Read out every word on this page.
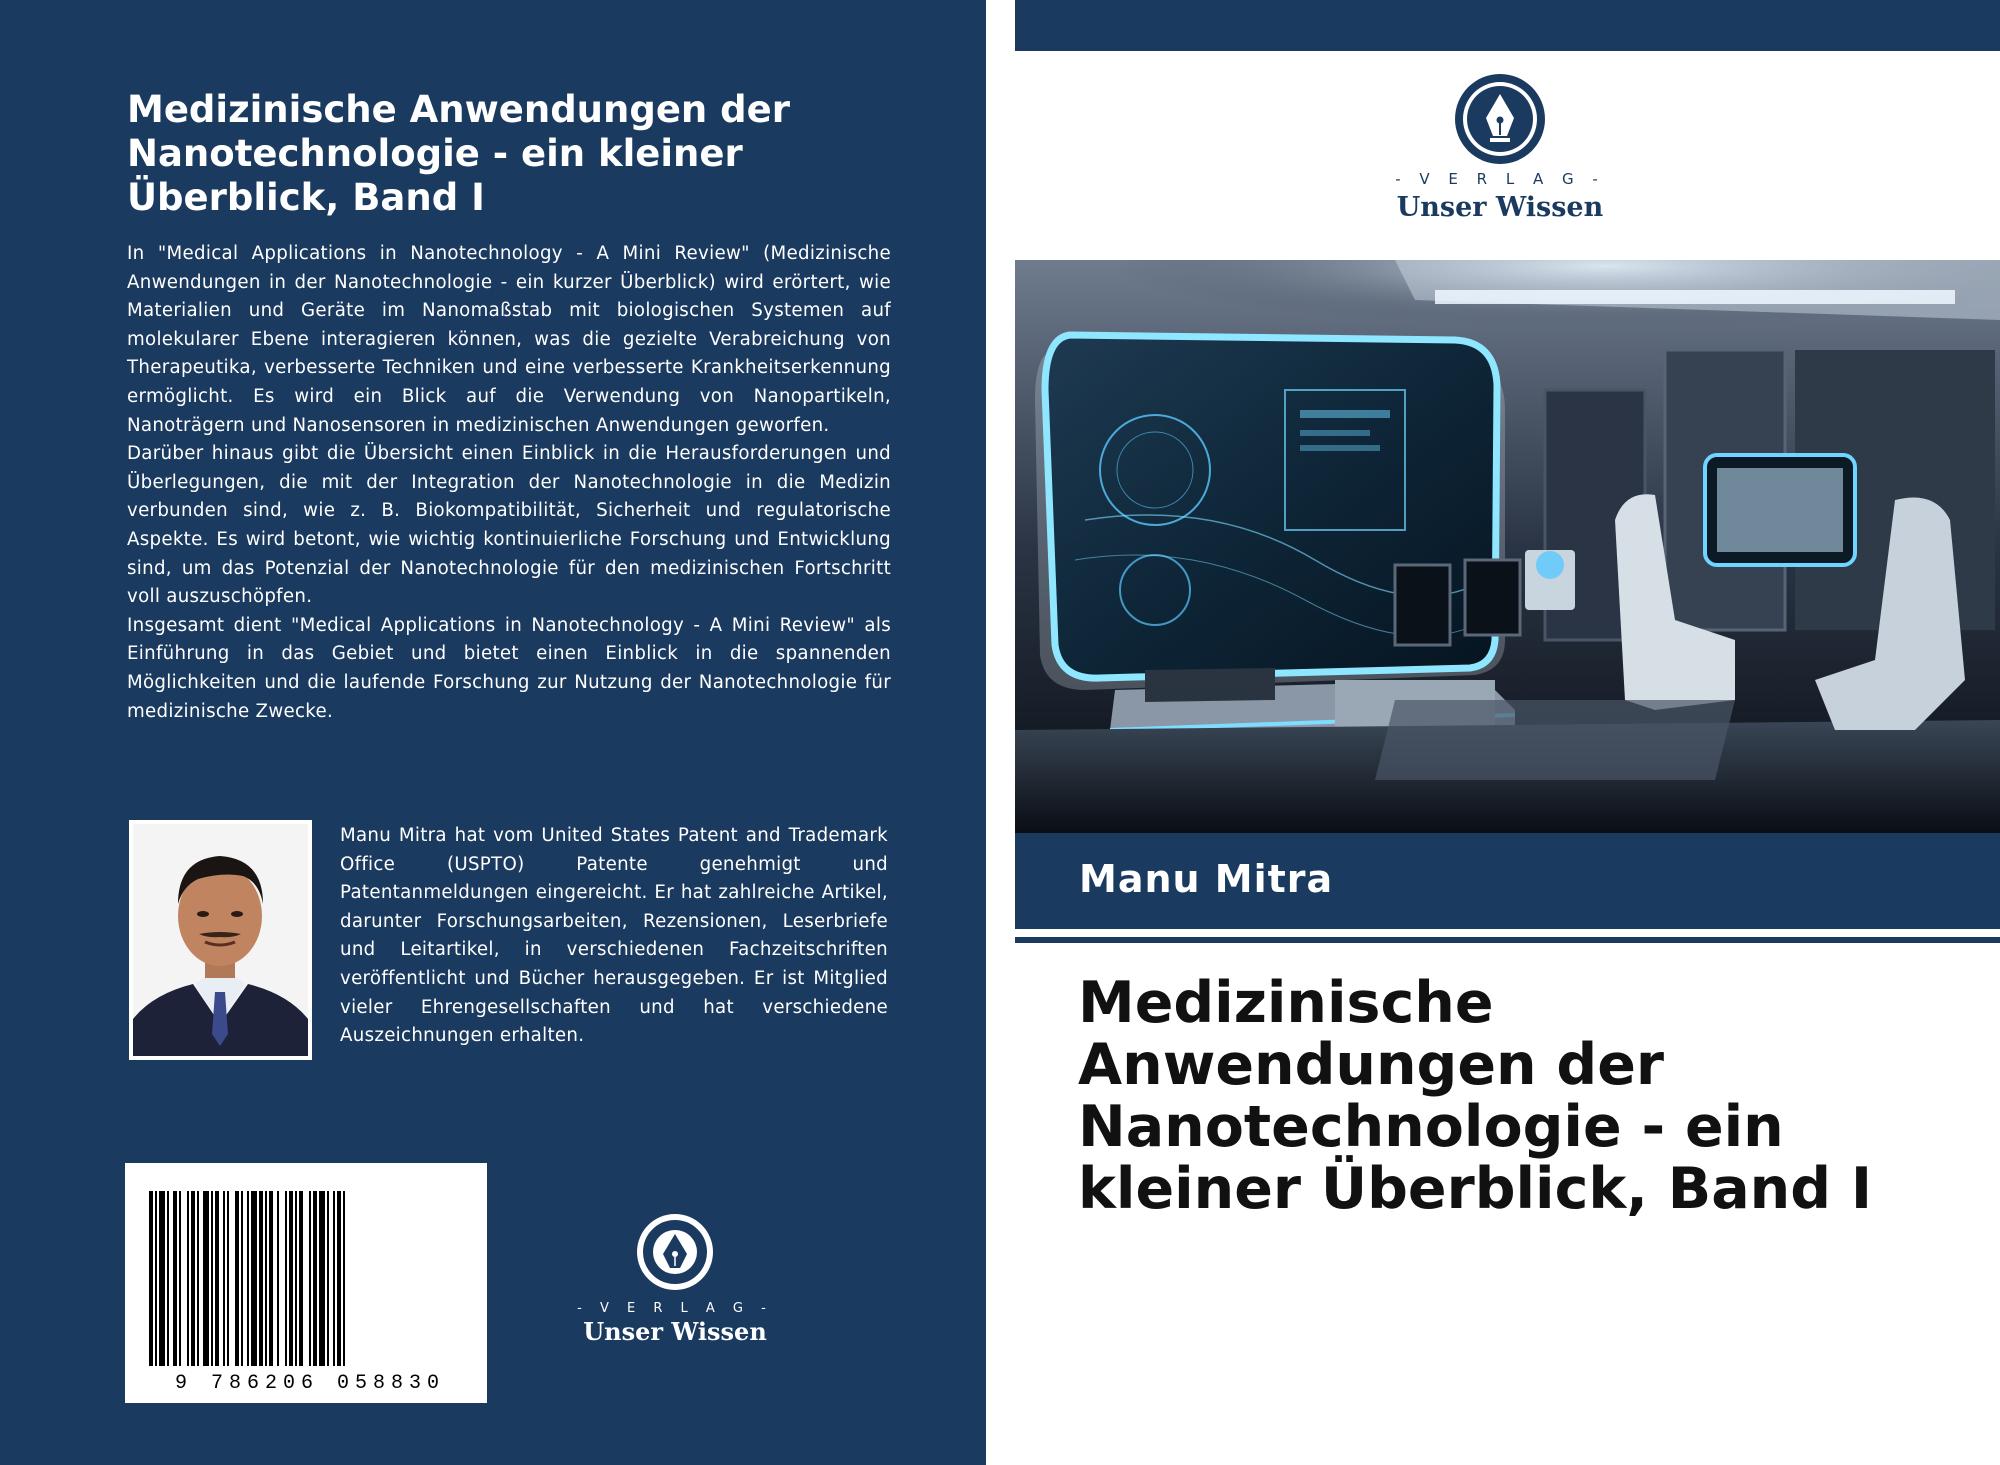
Medizinische Anwendungen der Nanotechnologie - ein kleiner Überblick, Band I

In "Medical Applications in Nanotechnology - A Mini Review" (Medizinische Anwendungen in der Nanotechnologie - ein kurzer Überblick) wird erörtert, wie Materialien und Geräte im Nanomaßstab mit biologischen Systemen auf molekularer Ebene interagieren können, was die gezielte Verabreichung von Therapeutika, verbesserte Techniken und eine verbesserte Krankheitserkennung ermöglicht. Es wird ein Blick auf die Verwendung von Nanopartikeln, Nanoträgern und Nanosensoren in medizinischen Anwendungen geworfen.

Darüber hinaus gibt die Übersicht einen Einblick in die Herausforderungen und Überlegungen, die mit der Integration der Nanotechnologie in die Medizin verbunden sind, wie z. B. Biokompatibilität, Sicherheit und regulatorische Aspekte. Es wird betont, wie wichtig kontinuierliche Forschung und Entwicklung sind, um das Potenzial der Nanotechnologie für den medizinischen Fortschritt voll auszuschöpfen.

Insgesamt dient "Medical Applications in Nanotechnology - A Mini Review" als Einführung in das Gebiet und bietet einen Einblick in die spannenden Möglichkeiten und die laufende Forschung zur Nutzung der Nanotechnologie für medizinische Zwecke.

Manu Mitra hat vom United States Patent and Trademark Office (USPTO) Patente genehmigt und Patentanmeldungen eingereicht. Er hat zahlreiche Artikel, darunter Forschungsarbeiten, Rezensionen, Leserbriefe und Leitartikel, in verschiedenen Fachzeitschriften veröffentlicht und Bücher herausgegeben. Er ist Mitglied vieler Ehrengesellschaften und hat verschiedene Auszeichnungen erhalten.
9 786206 058830
- V E R L A G -
Unser Wissen
- V E R L A G -
Unser Wissen
Manu Mitra
Medizinische Anwendungen der Nanotechnologie - ein kleiner Überblick, Band I
